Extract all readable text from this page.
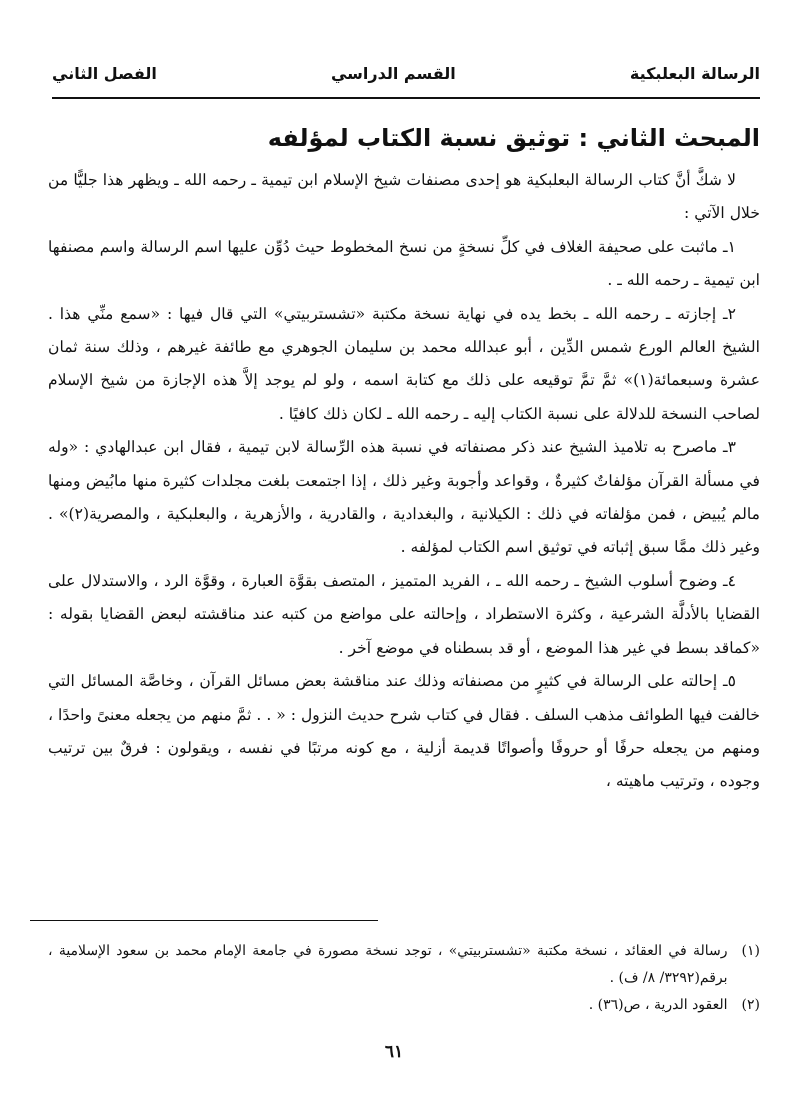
الرسالة البعلبكية
القسم الدراسي
الفصل الثاني
المبحث الثاني : توثيق نسبة الكتاب لمؤلفه

لا شكَّ أنَّ كتاب الرسالة البعلبكية هو إحدى مصنفات شيخ الإسلام ابن تيمية ـ رحمه الله ـ ويظهر هذا جليًّا من خلال الآتي :

١ـ ماثبت على صحيفة الغلاف في كلِّ نسخةٍ من نسخ المخطوط حيث دُوِّن عليها اسم الرسالة واسم مصنفها ابن تيمية ـ رحمه الله ـ .

٢ـ إجازته ـ رحمه الله ـ بخط يده في نهاية نسخة مكتبة «تشستربيتي» التي قال فيها : «سمع منِّي هذا . الشيخ العالم الورع شمس الدِّين ، أبو عبدالله محمد بن سليمان الجوهري مع طائفة غيرهم ، وذلك سنة ثمان عشرة وسبعمائة(١)» ثمَّ تمَّ توقيعه على ذلك مع كتابة اسمه ، ولو لم يوجد إلاَّ هذه الإجازة من شيخ الإسلام لصاحب النسخة للدلالة على نسبة الكتاب إليه ـ رحمه الله ـ لكان ذلك كافيًا .

٣ـ ماصرح به تلاميذ الشيخ عند ذكر مصنفاته في نسبة هذه الرِّسالة لابن تيمية ، فقال ابن عبدالهادي : «وله في مسألة القرآن مؤلفاتٌ كثيرةٌ ، وقواعد وأجوبة وغير ذلك ، إذا اجتمعت بلغت مجلدات كثيرة منها مابُيض ومنها مالم يُبيض ، فمن مؤلفاته في ذلك : الكيلانية ، والبغدادية ، والقادرية ، والأزهرية ، والبعلبكية ، والمصرية(٢)» . وغير ذلك ممَّا سبق إثباته في توثيق اسم الكتاب لمؤلفه .

٤ـ وضوح أسلوب الشيخ ـ رحمه الله ـ ، الفريد المتميز ، المتصف بقوَّة العبارة ، وقوَّة الرد ، والاستدلال على القضايا بالأدلَّة الشرعية ، وكثرة الاستطراد ، وإحالته على مواضع من كتبه عند مناقشته لبعض القضايا بقوله : «كماقد بسط في غير هذا الموضع ، أو قد بسطناه في موضع آخر .

٥ـ إحالته على الرسالة في كثيرٍ من مصنفاته وذلك عند مناقشة بعض مسائل القرآن ، وخاصَّة المسائل التي خالفت فيها الطوائف مذهب السلف . فقال في كتاب شرح حديث النزول : « . . ثمَّ منهم من يجعله معنىً واحدًا ، ومنهم من يجعله حرفًا أو حروفًا وأصواتًا قديمة أزلية ، مع كونه مرتبًا في نفسه ، ويقولون : فرقٌ بين ترتيب وجوده ، وترتيب ماهيته ،

(١)
رسالة في العقائد ، نسخة مكتبة «تشستربيتي» ، توجد نسخة مصورة في جامعة الإمام محمد بن سعود الإسلامية ، برقم(٣٢٩٢/ ٨/ ف) .
(٢)
العقود الدرية ، ص(٣٦) .
٦١
